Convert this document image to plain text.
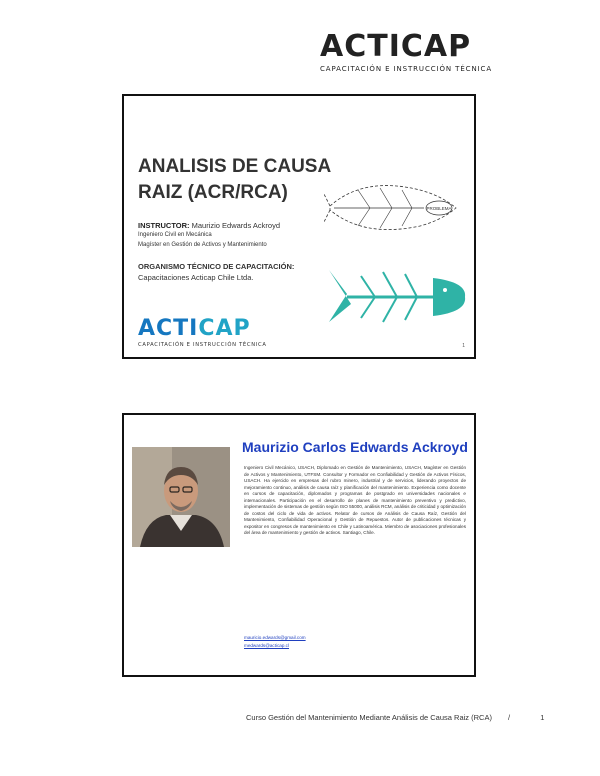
ACTICAP
CAPACITACIÓN E INSTRUCCIÓN TÉCNICA
ANALISIS DE CAUSA
RAIZ (ACR/RCA)
INSTRUCTOR: Maurizio Edwards Ackroyd
Ingeniero Civil en Mecánica
Magíster en Gestión de Activos y Mantenimiento
ORGANISMO TÉCNICO DE CAPACITACIÓN:
Capacitaciones Acticap Chile Ltda.
PROBLEMA
ACTICAP
CAPACITACIÓN E INSTRUCCIÓN TÉCNICA	1
Maurizio Carlos Edwards Ackroyd
Ingeniero Civil Mecánico, USACH, Diplomado en Gestión de Mantenimiento, USACH, Magíster en Gestión de Activos y Mantenimiento, UTFSM. Consultor y Formador en Confiabilidad y Gestión de Activos Físicos, USACH. Ha ejercido en empresas del rubro minero, industrial y de servicios, liderando proyectos de mejoramiento continuo, análisis de causa raíz y planificación del mantenimiento. Experiencia como docente en cursos de capacitación, diplomados y programas de postgrado en universidades nacionales e internacionales. Participación en el desarrollo de planes de mantenimiento preventivo y predictivo, implementación de sistemas de gestión según ISO 55000, análisis RCM, análisis de criticidad y optimización de costos del ciclo de vida de activos. Relator de cursos de Análisis de Causa Raíz, Gestión del Mantenimiento, Confiabilidad Operacional y Gestión de Repuestos. Autor de publicaciones técnicas y expositor en congresos de mantenimiento en Chile y Latinoamérica. Miembro de asociaciones profesionales del área de mantenimiento y gestión de activos. Santiago, Chile.
mauricio.edwards@gmail.com
medwards@acticap.cl
Curso Gestión del Mantenimiento Mediante Análisis de Causa Raiz (RCA) /	1
